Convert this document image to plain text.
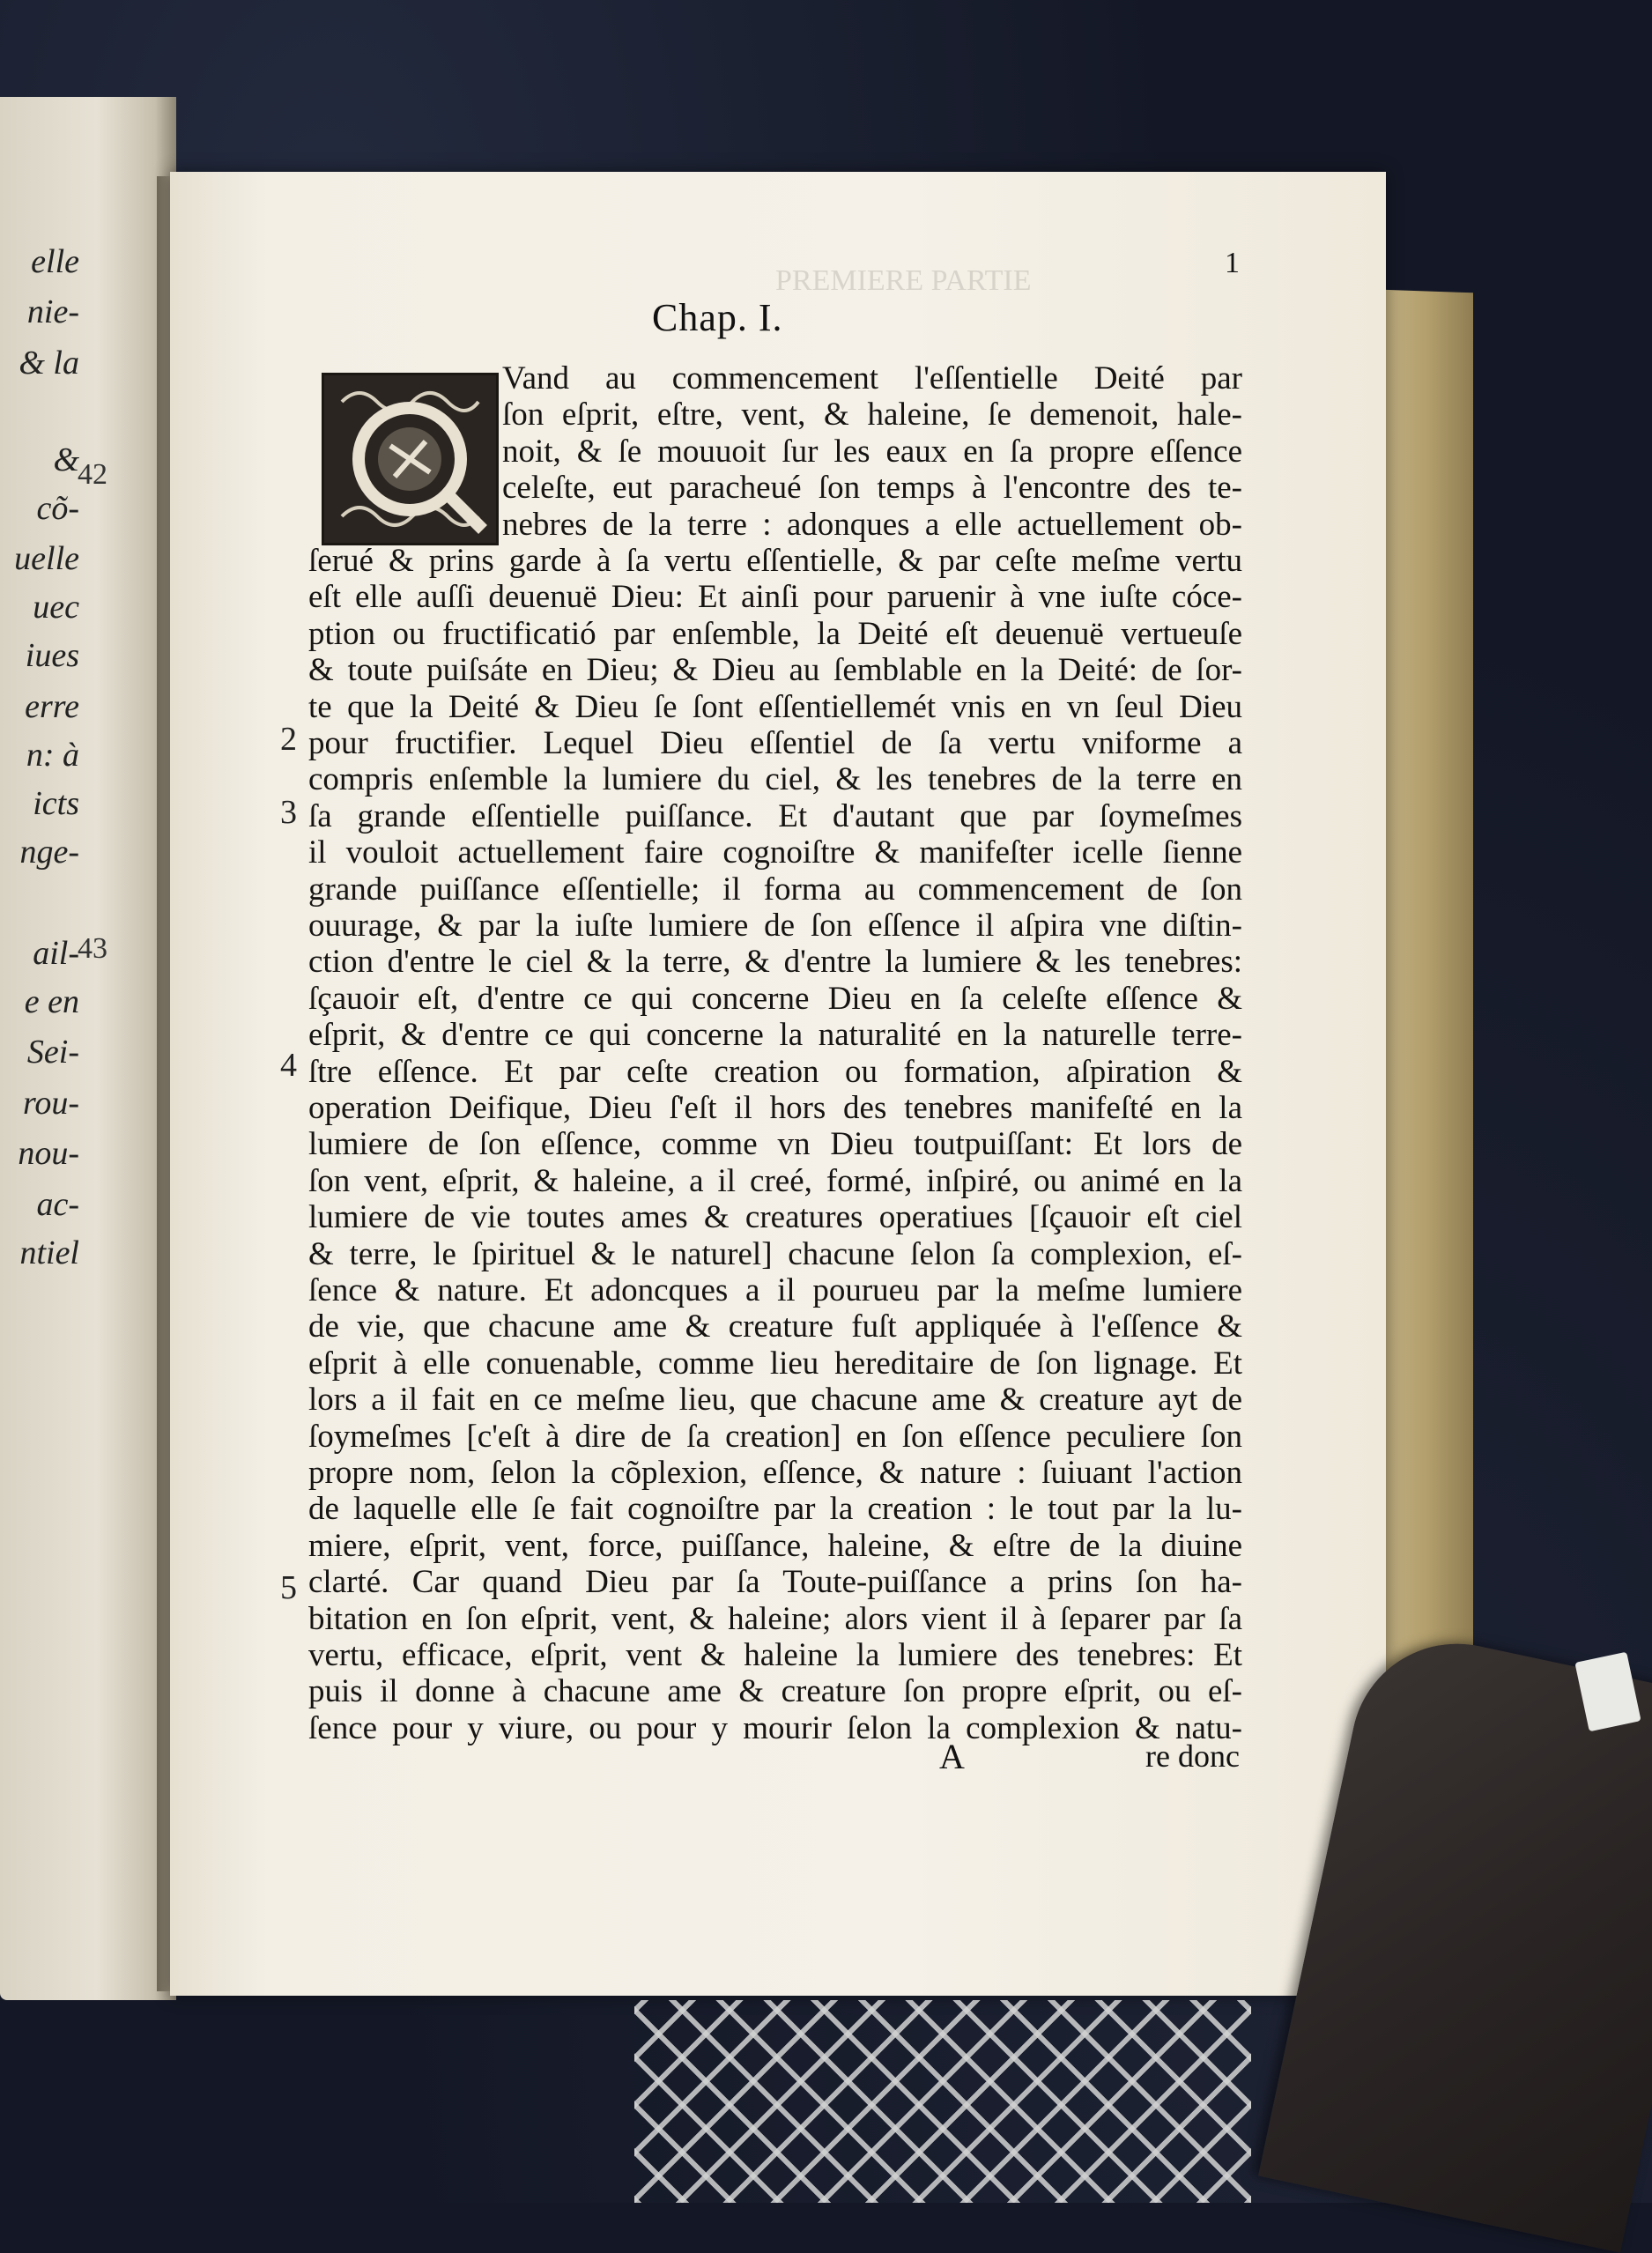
elle
nie-
& la
&
cõ-
uelle
uec
iues
erre
n: à
icts
nge-
ail-
e en
Sei-
rou-
nou-
ac-
ntiel
42
43
PREMIERE PARTIE
1
Chap. I.
Vand au commencement l'eſſentielle Deité par
ſon eſprit, eſtre, vent, & haleine, ſe demenoit, hale-
noit, & ſe mouuoit ſur les eaux en ſa propre eſſence
celeſte, eut paracheué ſon temps à l'encontre des te-
nebres de la terre : adonques a elle actuellement ob-
ſerué & prins garde à ſa vertu eſſentielle, & par ceſte meſme vertu
eſt elle auſſi deuenuë Dieu: Et ainſi pour paruenir à vne iuſte cóce-
ption ou fructificatió par enſemble, la Deité eſt deuenuë vertueuſe
& toute puiſsáte en Dieu; & Dieu au ſemblable en la Deité: de ſor-
te que la Deité & Dieu ſe ſont eſſentiellemét vnis en vn ſeul Dieu
pour fructifier. Lequel Dieu eſſentiel de ſa vertu vniforme a
compris enſemble la lumiere du ciel, & les tenebres de la terre en
ſa grande eſſentielle puiſſance. Et d'autant que par ſoymeſmes
il vouloit actuellement faire cognoiſtre & manifeſter icelle ſienne
grande puiſſance eſſentielle; il forma au commencement de ſon
ouurage, & par la iuſte lumiere de ſon eſſence il aſpira vne diſtin-
ction d'entre le ciel & la terre, & d'entre la lumiere & les tenebres:
ſçauoir eſt, d'entre ce qui concerne Dieu en ſa celeſte eſſence &
eſprit, & d'entre ce qui concerne la naturalité en la naturelle terre-
ſtre eſſence. Et par ceſte creation ou formation, aſpiration &
operation Deifique, Dieu ſ'eſt il hors des tenebres manifeſté en la
lumiere de ſon eſſence, comme vn Dieu toutpuiſſant: Et lors de
ſon vent, eſprit, & haleine, a il creé, formé, inſpiré, ou animé en la
lumiere de vie toutes ames & creatures operatiues [ſçauoir eſt ciel
& terre, le ſpirituel & le naturel] chacune ſelon ſa complexion, eſ-
ſence & nature. Et adoncques a il pourueu par la meſme lumiere
de vie, que chacune ame & creature fuſt appliquée à l'eſſence &
eſprit à elle conuenable, comme lieu hereditaire de ſon lignage. Et
lors a il fait en ce meſme lieu, que chacune ame & creature ayt de
ſoymeſmes [c'eſt à dire de ſa creation] en ſon eſſence peculiere ſon
propre nom, ſelon la cõplexion, eſſence, & nature : ſuiuant l'action
de laquelle elle ſe fait cognoiſtre par la creation : le tout par la lu-
miere, eſprit, vent, force, puiſſance, haleine, & eſtre de la diuine
clarté. Car quand Dieu par ſa Toute-puiſſance a prins ſon ha-
bitation en ſon eſprit, vent, & haleine; alors vient il à ſeparer par ſa
vertu, efficace, eſprit, vent & haleine la lumiere des tenebres: Et
puis il donne à chacune ame & creature ſon propre eſprit, ou eſ-
ſence pour y viure, ou pour y mourir ſelon la complexion & natu-
2
3
4
5
A	re donc
